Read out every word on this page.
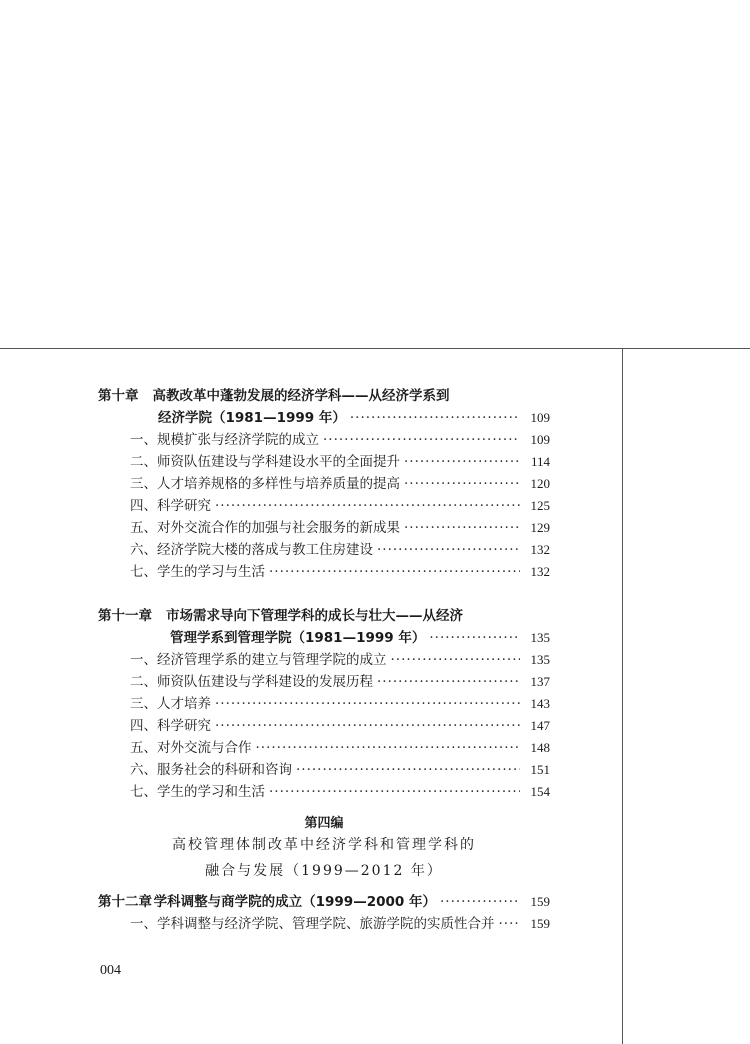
第十章 高教改革中蓬勃发展的经济学科——从经济学系到
经济学院（1981—1999 年） ·····	109
一、规模扩张与经济学院的成立 ·····	109
二、师资队伍建设与学科建设水平的全面提升 ·····	114
三、人才培养规格的多样性与培养质量的提高 ·····	120
四、科学研究 ·····	125
五、对外交流合作的加强与社会服务的新成果 ·····	129
六、经济学院大楼的落成与教工住房建设 ·····	132
七、学生的学习与生活 ·····	132
第十一章 市场需求导向下管理学科的成长与壮大——从经济
管理学系到管理学院（1981—1999 年） ·····	135
一、经济管理学系的建立与管理学院的成立 ·····	135
二、师资队伍建设与学科建设的发展历程 ·····	137
三、人才培养 ·····	143
四、科学研究 ·····	147
五、对外交流与合作 ·····	148
六、服务社会的科研和咨询 ·····	151
七、学生的学习和生活 ·····	154
第四编
高校管理体制改革中经济学科和管理学科的
融合与发展（1999—2012 年）
第十二章 学科调整与商学院的成立（1999—2000 年） ·····	159
一、学科调整与经济学院、管理学院、旅游学院的实质性合并 ·····	159
004
